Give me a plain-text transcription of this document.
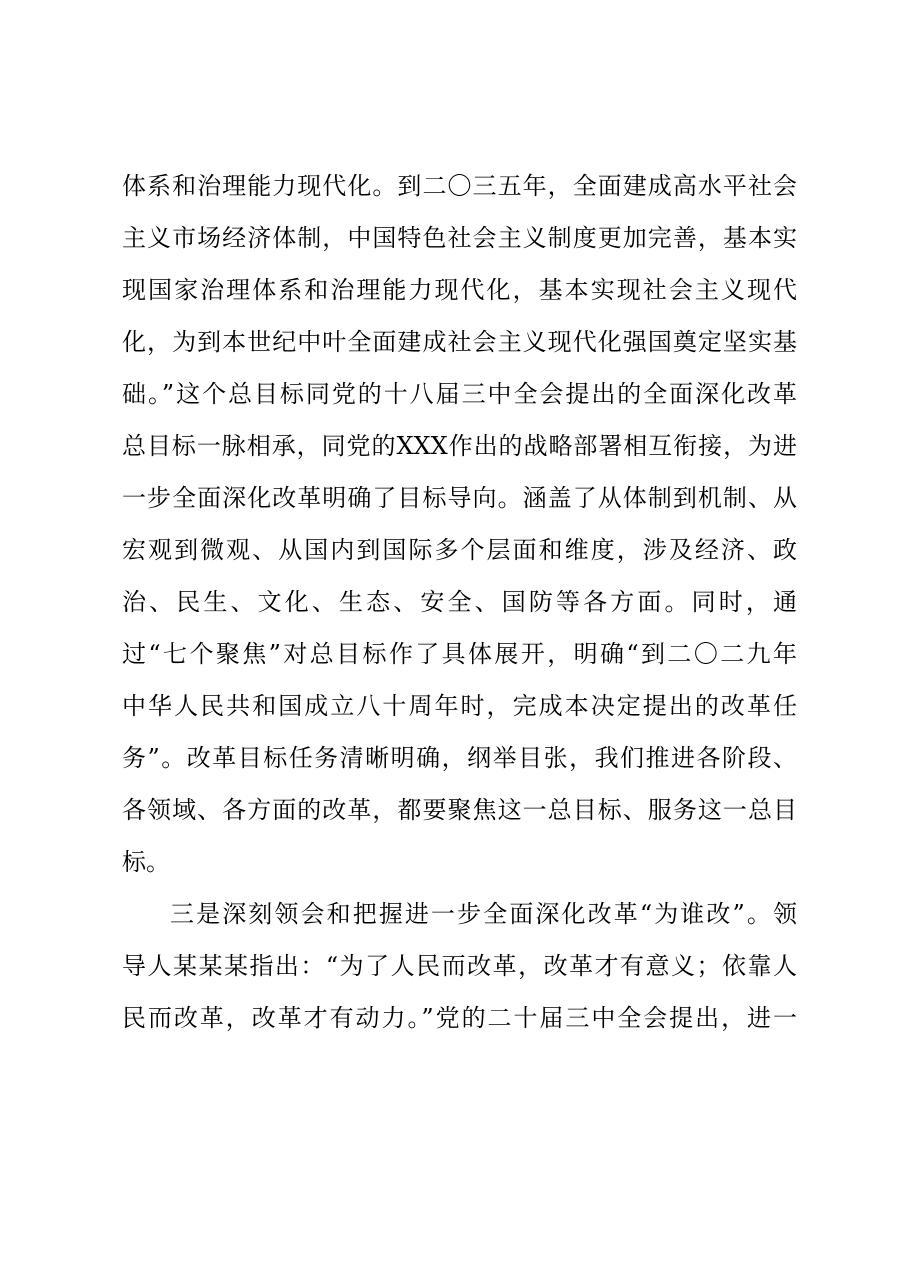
体系和治理能力现代化。到二〇三五年，全面建成高水平社会
主义市场经济体制，中国特色社会主义制度更加完善，基本实
现国家治理体系和治理能力现代化，基本实现社会主义现代
化，为到本世纪中叶全面建成社会主义现代化强国奠定坚实基
础。”这个总目标同党的十八届三中全会提出的全面深化改革
总目标一脉相承，同党的XXX作出的战略部署相互衔接，为进
一步全面深化改革明确了目标导向。涵盖了从体制到机制、从
宏观到微观、从国内到国际多个层面和维度，涉及经济、政
治、民生、文化、生态、安全、国防等各方面。同时，通
过“七个聚焦”对总目标作了具体展开，明确“到二〇二九年
中华人民共和国成立八十周年时，完成本决定提出的改革任
务”。改革目标任务清晰明确，纲举目张，我们推进各阶段、
各领域、各方面的改革，都要聚焦这一总目标、服务这一总目
标。
三是深刻领会和把握进一步全面深化改革“为谁改”。领
导人某某某指出：“为了人民而改革，改革才有意义；依靠人
民而改革，改革才有动力。”党的二十届三中全会提出，进一
